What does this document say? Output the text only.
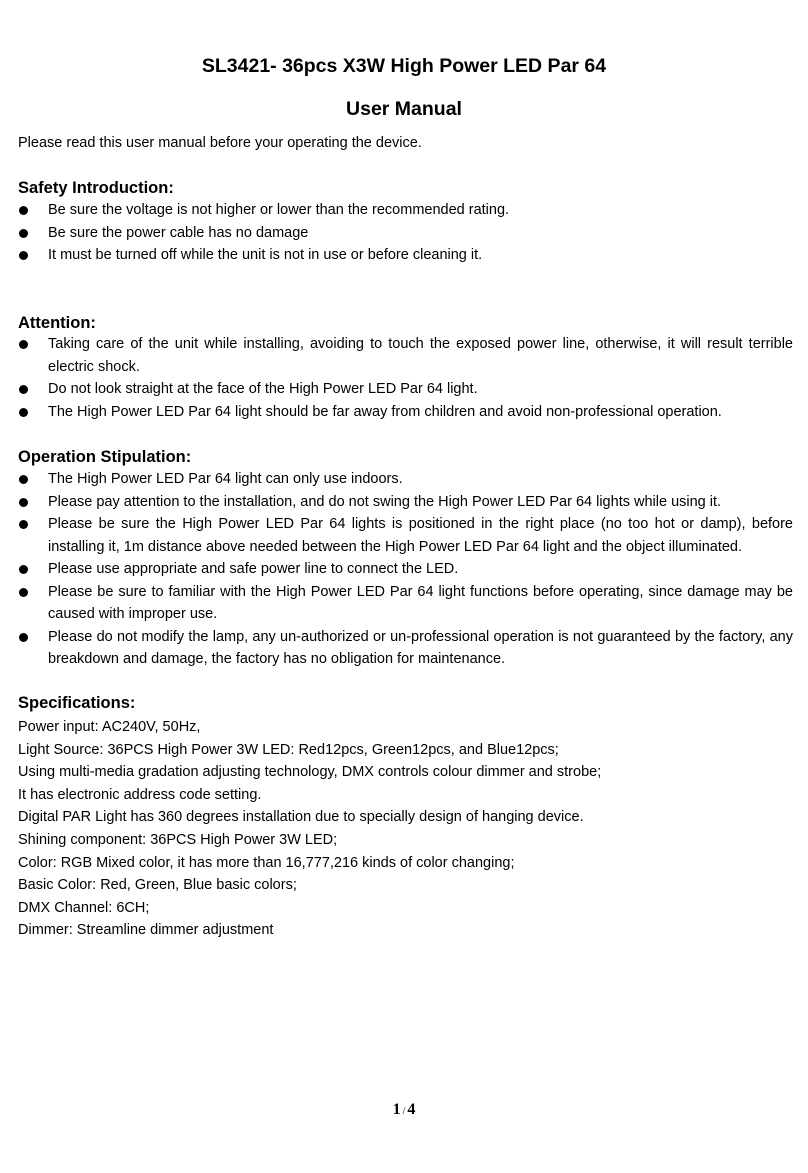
SL3421- 36pcs X3W High Power LED Par 64
User Manual

Please read this user manual before your operating the device.

Safety Introduction:
Be sure the voltage is not higher or lower than the recommended rating.
Be sure the power cable has no damage
It must be turned off while the unit is not in use or before cleaning it.
Attention:
Taking care of the unit while installing, avoiding to touch the exposed power line, otherwise, it will result terrible electric shock.
Do not look straight at the face of the High Power LED Par 64 light.
The High Power LED Par 64 light should be far away from children and avoid non-professional operation.
Operation Stipulation:
The High Power LED Par 64 light can only use indoors.
Please pay attention to the installation, and do not swing the High Power LED Par 64 lights while using it.
Please be sure the High Power LED Par 64 lights is positioned in the right place (no too hot or damp), before installing it, 1m distance above needed between the High Power LED Par 64 light and the object illuminated.
Please use appropriate and safe power line to connect the LED.
Please be sure to familiar with the High Power LED Par 64 light functions before operating, since damage may be caused with improper use.
Please do not modify the lamp, any un-authorized or un-professional operation is not guaranteed by the factory, any breakdown and damage, the factory has no obligation for maintenance.
Specifications:
Power input: AC240V, 50Hz,
Light Source: 36PCS High Power 3W LED: Red12pcs, Green12pcs, and Blue12pcs;
Using multi-media gradation adjusting technology, DMX controls colour dimmer and strobe;
It has electronic address code setting.
Digital PAR Light has 360 degrees installation due to specially design of hanging device.
Shining component: 36PCS High Power 3W LED;
Color: RGB Mixed color, it has more than 16,777,216 kinds of color changing;
Basic Color: Red, Green, Blue basic colors;
DMX Channel: 6CH;
Dimmer: Streamline dimmer adjustment
1 / 4
